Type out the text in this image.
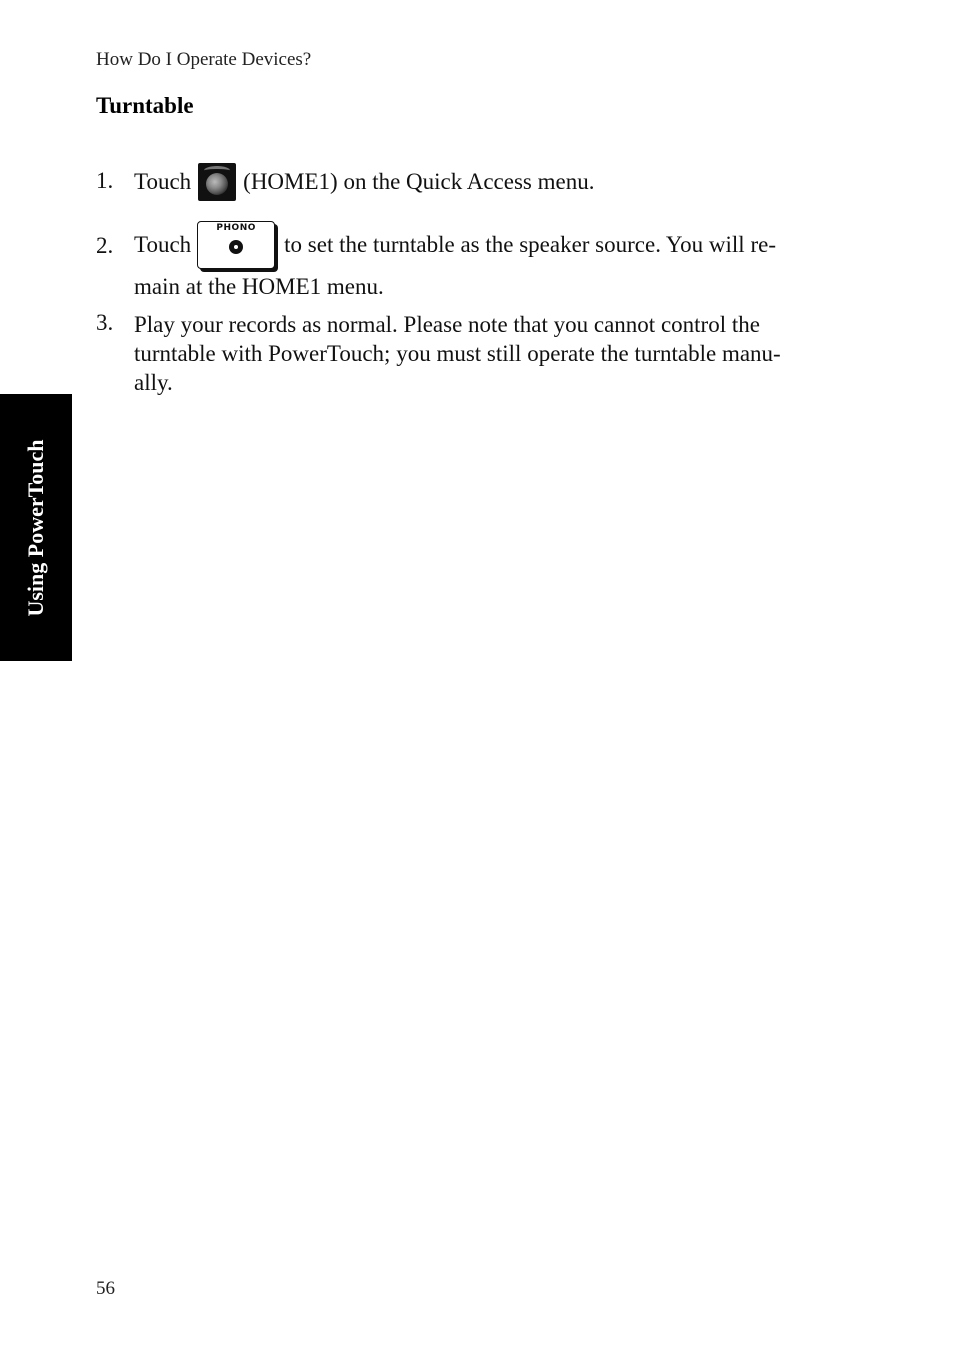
How Do I Operate Devices?
Turntable
1. Touch (HOME1) on the Quick Access menu.
2. Touch
PHONO
to set the turntable as the speaker source. You will re-
main at the HOME1 menu.
3. Play your records as normal. Please note that you cannot control the
turntable with PowerTouch; you must still operate the turntable manu-
ally.
Using PowerTouch
56
